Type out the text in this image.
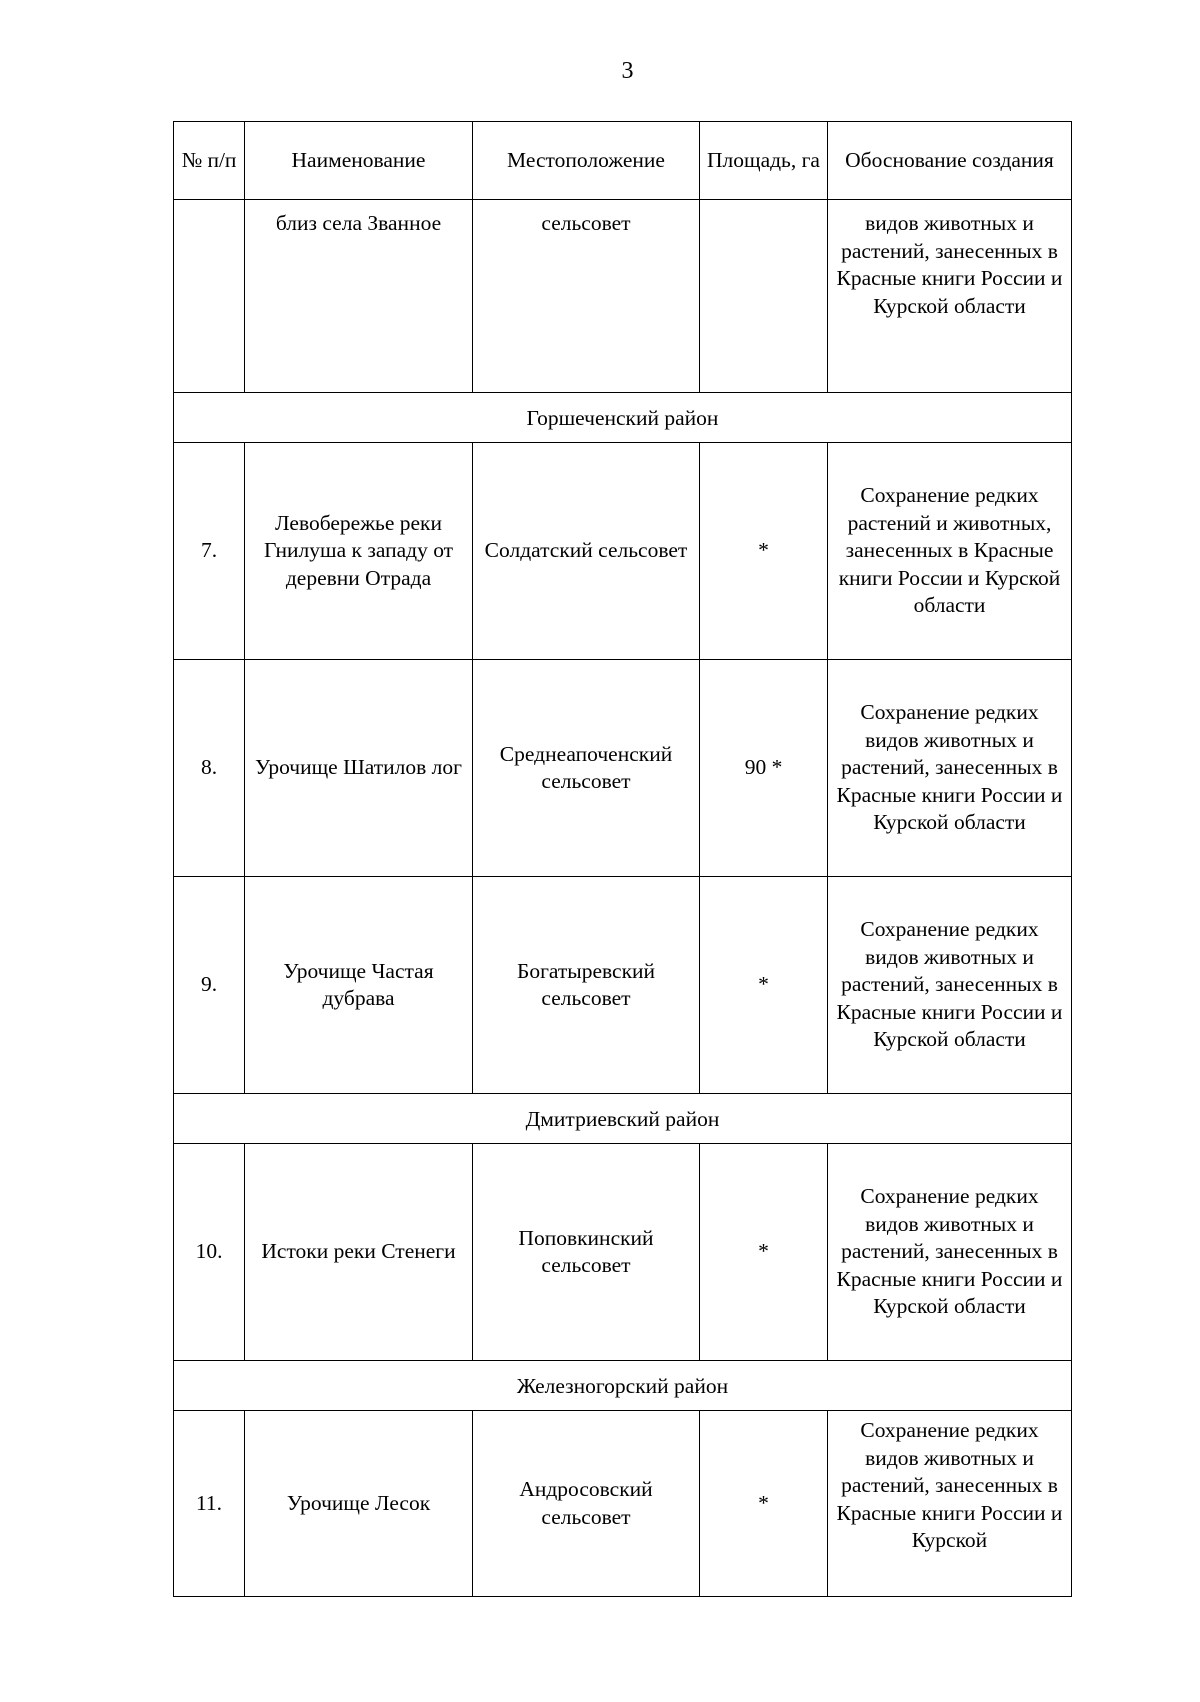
3
№ п/п	Наименование	Местоположение	Площадь, га	Обоснование создания
	близ села Званное	сельсовет		видов животных и растений, занесенных в Красные книги России и Курской области
Горшеченский район				
7.	Левобережье реки Гнилуша к западу от деревни Отрада	Солдатский сельсовет	*	Сохранение редких растений и животных, занесенных в Красные книги России и Курской области
8.	Урочище Шатилов лог	Среднеапоченский сельсовет	90 *	Сохранение редких видов животных и растений, занесенных в Красные книги России и Курской области
9.	Урочище Частая дубрава	Богатыревский сельсовет	*	Сохранение редких видов животных и растений, занесенных в Красные книги России и Курской области
Дмитриевский район				
10.	Истоки реки Стенеги	Поповкинский сельсовет	*	Сохранение редких видов животных и растений, занесенных в Красные книги России и Курской области
Железногорский район				
11.	Урочище Лесок	Андросовский сельсовет	*	Сохранение редких видов животных и растений, занесенных в Красные книги России и Курской
